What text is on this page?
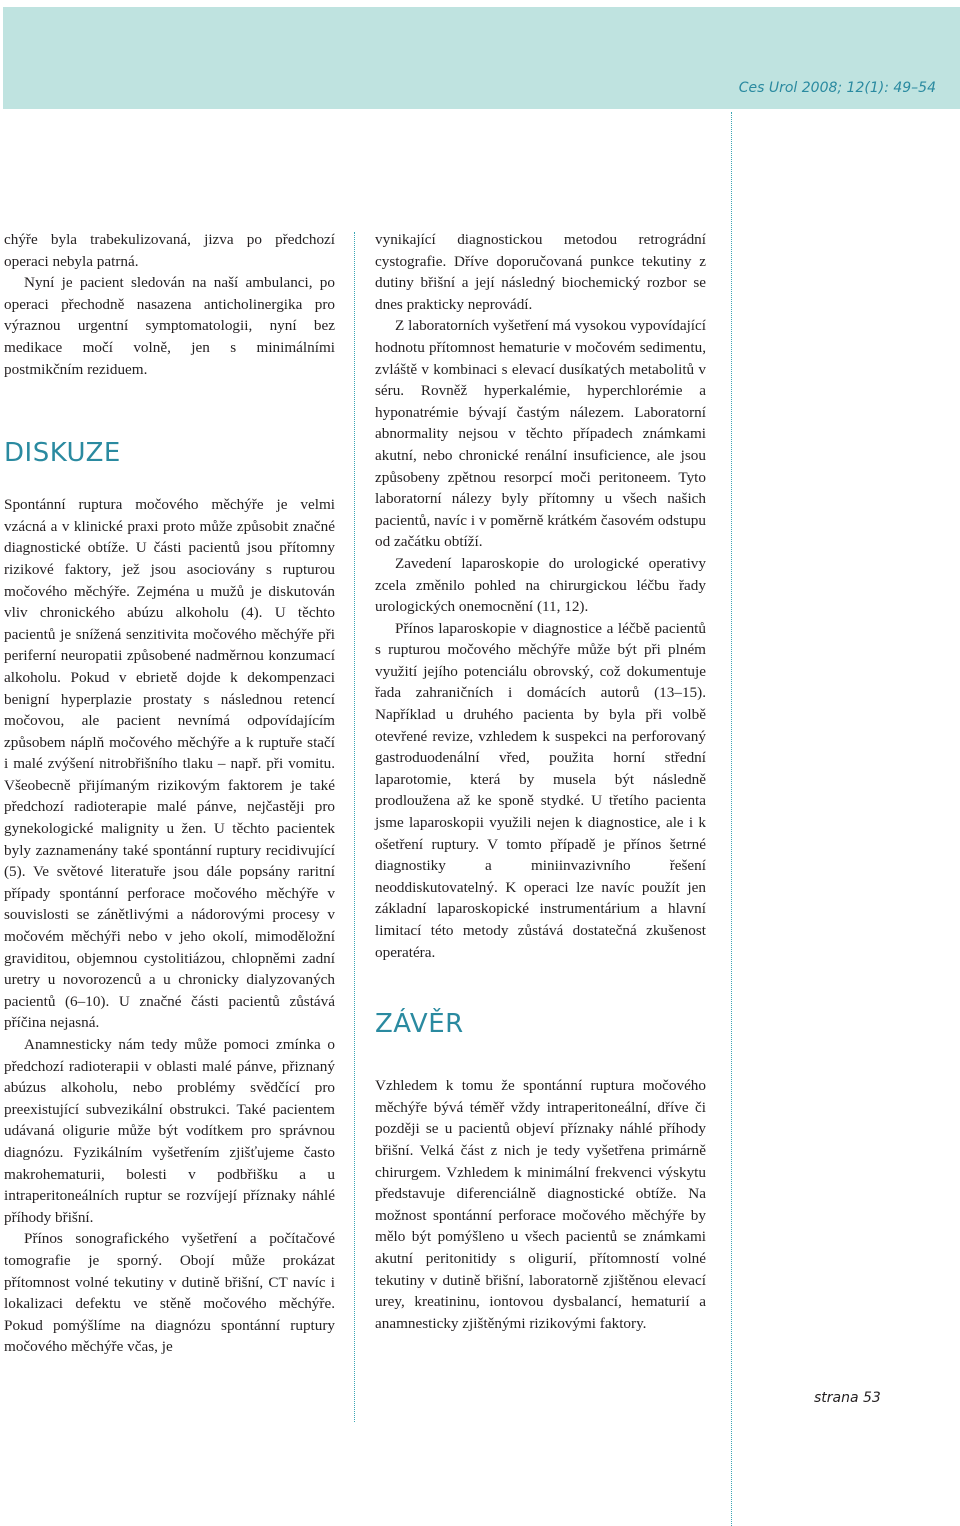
Ces Urol 2008; 12(1): 49–54

chýře byla trabekulizovaná, jizva po předchozí operaci nebyla patrná.

Nyní je pacient sledován na naší ambulanci, po operaci přechodně nasazena anticholinergika pro výraznou urgentní symptomatologii, nyní bez medikace močí volně, jen s minimálními postmikčním reziduem.

DISKUZE

Spontánní ruptura močového měchýře je velmi vzácná a v klinické praxi proto může způsobit značné diagnostické obtíže. U části pacientů jsou přítomny rizikové faktory, jež jsou asociovány s rupturou močového měchýře. Zejména u mužů je diskutován vliv chronického abúzu alkoholu (4). U těchto pacientů je snížená senzitivita močového měchýře při periferní neuropatii způsobené nadměrnou konzumací alkoholu. Pokud v ebrietě dojde k dekompenzaci benigní hyperplazie prostaty s následnou retencí močovou, ale pacient nevnímá odpovídajícím způsobem náplň močového měchýře a k ruptuře stačí i malé zvýšení nitrobřišního tlaku – např. při vomitu. Všeobecně přijímaným rizikovým faktorem je také předchozí radioterapie malé pánve, nejčastěji pro gynekologické malignity u žen. U těchto pacientek byly zaznamenány také spontánní ruptury recidivující (5). Ve světové literatuře jsou dále popsány raritní případy spontánní perforace močového měchýře v souvislosti se zánětlivými a nádorovými procesy v močovém měchýři nebo v jeho okolí, mimoděložní graviditou, objemnou cystolitiázou, chlopněmi zadní uretry u novorozenců a u chronicky dialyzovaných pacientů (6–10). U značné části pacientů zůstává příčina nejasná.

Anamnesticky nám tedy může pomoci zmínka o předchozí radioterapii v oblasti malé pánve, přiznaný abúzus alkoholu, nebo problémy svědčící pro preexistující subvezikální obstrukci. Také pacientem udávaná oligurie může být vodítkem pro správnou diagnózu. Fyzikálním vyšetřením zjišťujeme často makrohematurii, bolesti v podbřišku a u intraperitoneálních ruptur se rozvíjejí příznaky náhlé příhody břišní.

Přínos sonografického vyšetření a počítačové tomografie je sporný. Obojí může prokázat přítomnost volné tekutiny v dutině břišní, CT navíc i lokalizaci defektu ve stěně močového měchýře. Pokud pomýšlíme na diagnózu spontánní ruptury močového měchýře včas, je

vynikající diagnostickou metodou retrográdní cystografie. Dříve doporučovaná punkce tekutiny z dutiny břišní a její následný biochemický rozbor se dnes prakticky neprovádí.

Z laboratorních vyšetření má vysokou vypovídající hodnotu přítomnost hematurie v močovém sedimentu, zvláště v kombinaci s elevací dusíkatých metabolitů v séru. Rovněž hyperkalémie, hyperchlorémie a hyponatrémie bývají častým nálezem. Laboratorní abnormality nejsou v těchto případech známkami akutní, nebo chronické renální insuficience, ale jsou způsobeny zpětnou resorpcí moči peritoneem. Tyto laboratorní nálezy byly přítomny u všech našich pacientů, navíc i v poměrně krátkém časovém odstupu od začátku obtíží.

Zavedení laparoskopie do urologické operativy zcela změnilo pohled na chirurgickou léčbu řady urologických onemocnění (11, 12).

Přínos laparoskopie v diagnostice a léčbě pacientů s rupturou močového měchýře může být při plném využití jejího potenciálu obrovský, což dokumentuje řada zahraničních i domácích autorů (13–15). Například u druhého pacienta by byla při volbě otevřené revize, vzhledem k suspekci na perforovaný gastroduodenální vřed, použita horní střední laparotomie, která by musela být následně prodloužena až ke sponě stydké. U třetího pacienta jsme laparoskopii využili nejen k diagnostice, ale i k ošetření ruptury. V tomto případě je přínos šetrné diagnostiky a miniinvazivního řešení neoddiskutovatelný. K operaci lze navíc použít jen základní laparoskopické instrumentárium a hlavní limitací této metody zůstává dostatečná zkušenost operatéra.

ZÁVĚR

Vzhledem k tomu že spontánní ruptura močového měchýře bývá téměř vždy intraperitoneální, dříve či později se u pacientů objeví příznaky náhlé příhody břišní. Velká část z nich je tedy vyšetřena primárně chirurgem. Vzhledem k minimální frekvenci výskytu představuje diferenciálně diagnostické obtíže. Na možnost spontánní perforace močového měchýře by mělo být pomýšleno u všech pacientů se známkami akutní peritonitidy s oligurií, přítomností volné tekutiny v dutině břišní, laboratorně zjištěnou elevací urey, kreatininu, iontovou dysbalancí, hematurií a anamnesticky zjištěnými rizikovými faktory.

strana 53
